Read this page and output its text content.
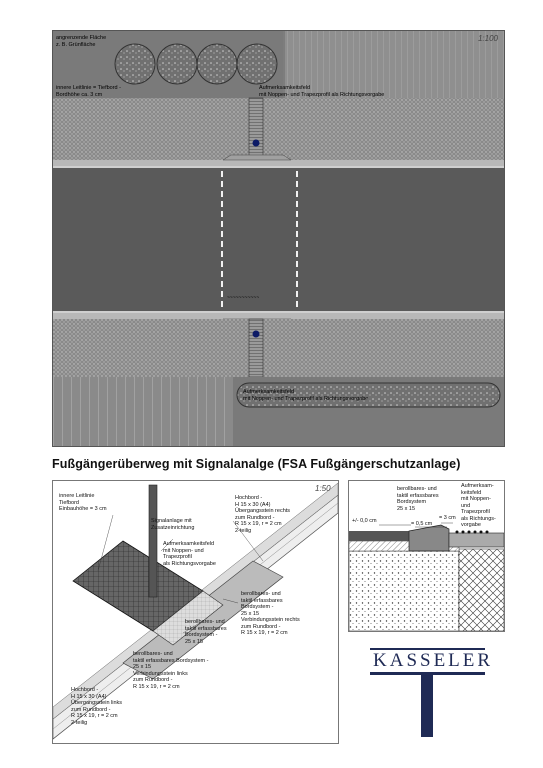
1:100
angrenzende Fläche
z. B. Grünfläche
innere Leitlinie = Tiefbord -
Bordhöhe ca. 3 cm
Aufmerksamkeitsfeld
mit Noppen- und Trapezprofil als Richtungsvorgabe
~~~~~~~~~~~
Aufmerksamkeitsfeld
mit Noppen- und Trapezprofil als Richtungsvorgabe
Fußgängerüberweg mit Signalanalge (FSA Fußgängerschutzanlage)
1:50
innere Leitlinie
Tiefbord
Einbauhöhe = 3 cm
Signalanlage mit
Zusatzeinrichtung
Aufmerksamkeitsfeld
mit Noppen- und
Trapezprofil
als Richtungsvorgabe
Hochbord -
H 15 x 30 (A4)
Übergangsstein rechts
zum Rundbord -
R 15 x 19, r = 2 cm
2-teilig
berollbares- und
taktil erfassbares
Bordsystem -
25 x 15
Verbindungsstein rechts
zum Rundbord -
R 15 x 19, r = 2 cm
berollbares- und
taktil erfassbares
Bordsystem -
25 x 15
berollbares- und
taktil erfassbares Bordsystem -
25 x 15
Verbindungsstein links
zum Rundbord -
R 15 x 19, r = 2 cm
Hochbord -
H 15 x 30 (A4)
Übergangsstein links
zum Rundbord -
R 15 x 19, r = 2 cm
2-teilig
berollbares- und
taktil erfassbares
Bordsystem
25 x 15
Aufmerksam-
keitsfeld
mit Noppen-
und
Trapezprofil
als Richtungs-
vorgabe
+/- 0,0 cm	= 0,5 cm
= 3 cm
KASSELER
